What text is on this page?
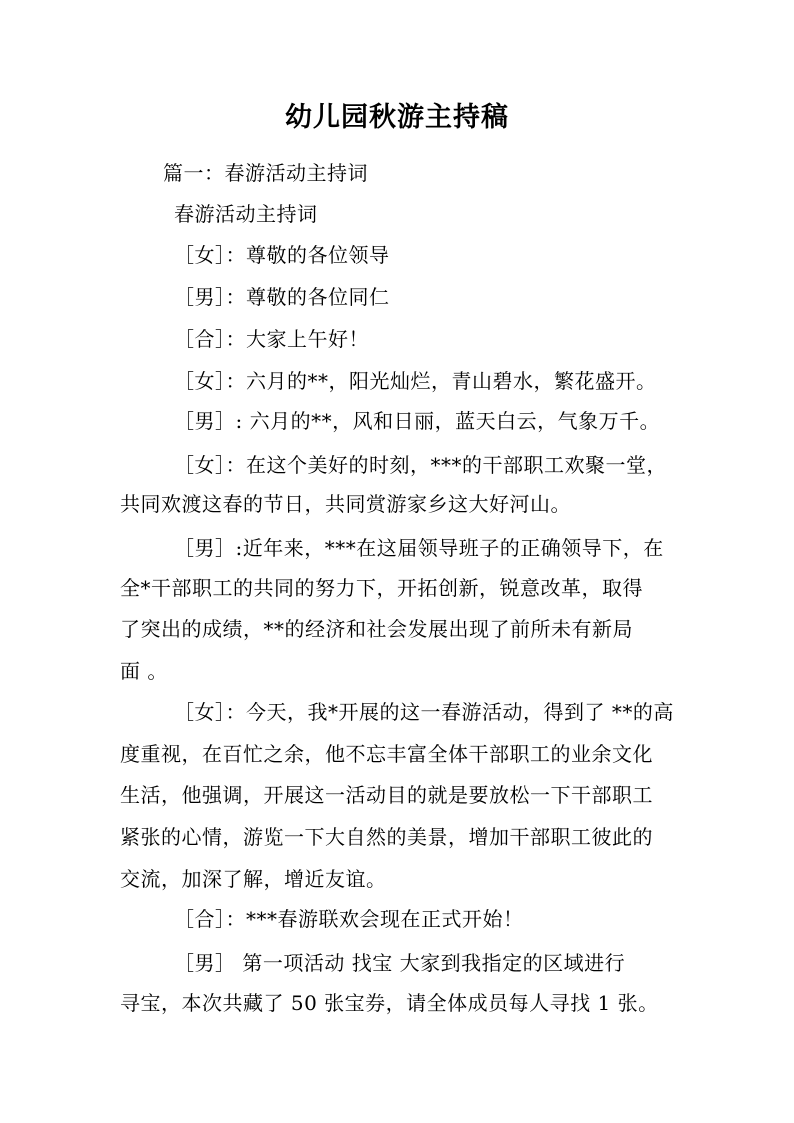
幼儿园秋游主持稿
篇一：春游活动主持词
春游活动主持词
［女］：尊敬的各位领导
［男］：尊敬的各位同仁
［合］：大家上午好！
［女］：六月的**，阳光灿烂，青山碧水，繁花盛开。
［男］: 六月的**，风和日丽，蓝天白云，气象万千。
［女］：在这个美好的时刻，***的干部职工欢聚一堂，
共同欢渡这春的节日，共同赏游家乡这大好河山。
［男］:近年来，***在这届领导班子的正确领导下，在
全*干部职工的共同的努力下，开拓创新，锐意改革，取得
了突出的成绩，**的经济和社会发展出现了前所未有新局
面 。
［女］：今天，我*开展的这一春游活动，得到了 **的高
度重视，在百忙之余，他不忘丰富全体干部职工的业余文化
生活，他强调，开展这一活动目的就是要放松一下干部职工
紧张的心情，游览一下大自然的美景，增加干部职工彼此的
交流，加深了解，增近友谊。
［合］：***春游联欢会现在正式开始！
［男］ 第一项活动 找宝 大家到我指定的区域进行
寻宝，本次共藏了 50 张宝券，请全体成员每人寻找 1 张。
